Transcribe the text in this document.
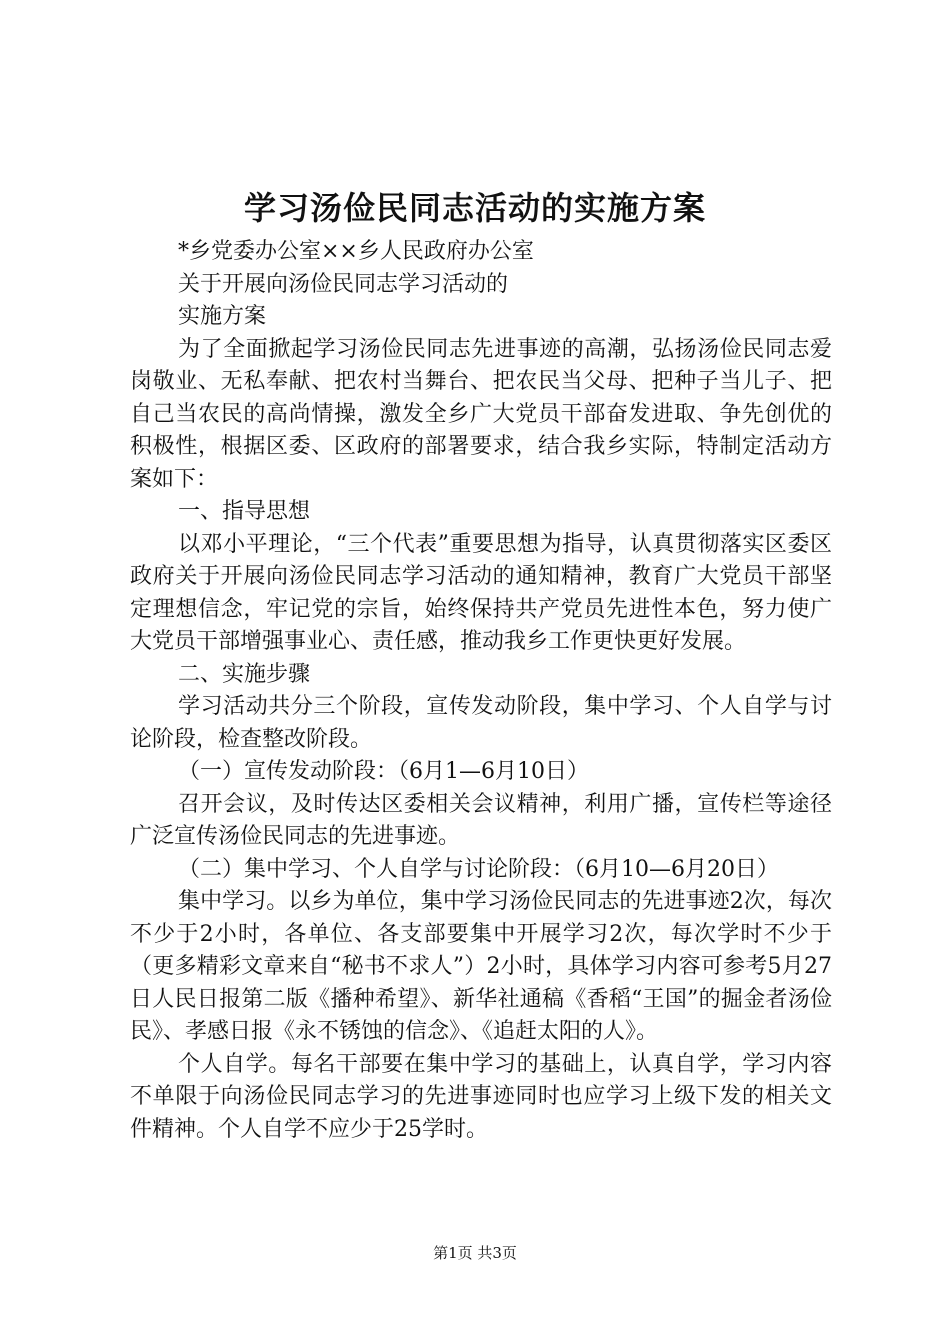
学习汤俭民同志活动的实施方案

*乡党委办公室××乡人民政府办公室

关于开展向汤俭民同志学习活动的

实施方案

为了全面掀起学习汤俭民同志先进事迹的高潮，弘扬汤俭民同志爱岗敬业、无私奉献、把农村当舞台、把农民当父母、把种子当儿子、把自己当农民的高尚情操，激发全乡广大党员干部奋发进取、争先创优的积极性，根据区委、区政府的部署要求，结合我乡实际，特制定活动方案如下：

一、指导思想

以邓小平理论，“三个代表”重要思想为指导，认真贯彻落实区委区政府关于开展向汤俭民同志学习活动的通知精神，教育广大党员干部坚定理想信念，牢记党的宗旨，始终保持共产党员先进性本色，努力使广大党员干部增强事业心、责任感，推动我乡工作更快更好发展。

二、实施步骤

学习活动共分三个阶段，宣传发动阶段，集中学习、个人自学与讨论阶段，检查整改阶段。

（一）宣传发动阶段：（6月1—6月10日）

召开会议，及时传达区委相关会议精神，利用广播，宣传栏等途径广泛宣传汤俭民同志的先进事迹。

（二）集中学习、个人自学与讨论阶段：（6月10—6月20日）

集中学习。以乡为单位，集中学习汤俭民同志的先进事迹2次，每次不少于2小时，各单位、各支部要集中开展学习2次，每次学时不少于（更多精彩文章来自“秘书不求人”）2小时，具体学习内容可参考5月27日人民日报第二版《播种希望》、新华社通稿《香稻“王国”的掘金者汤俭民》、孝感日报《永不锈蚀的信念》、《追赶太阳的人》。

个人自学。每名干部要在集中学习的基础上，认真自学，学习内容不单限于向汤俭民同志学习的先进事迹同时也应学习上级下发的相关文件精神。个人自学不应少于25学时。

第1页 共3页
